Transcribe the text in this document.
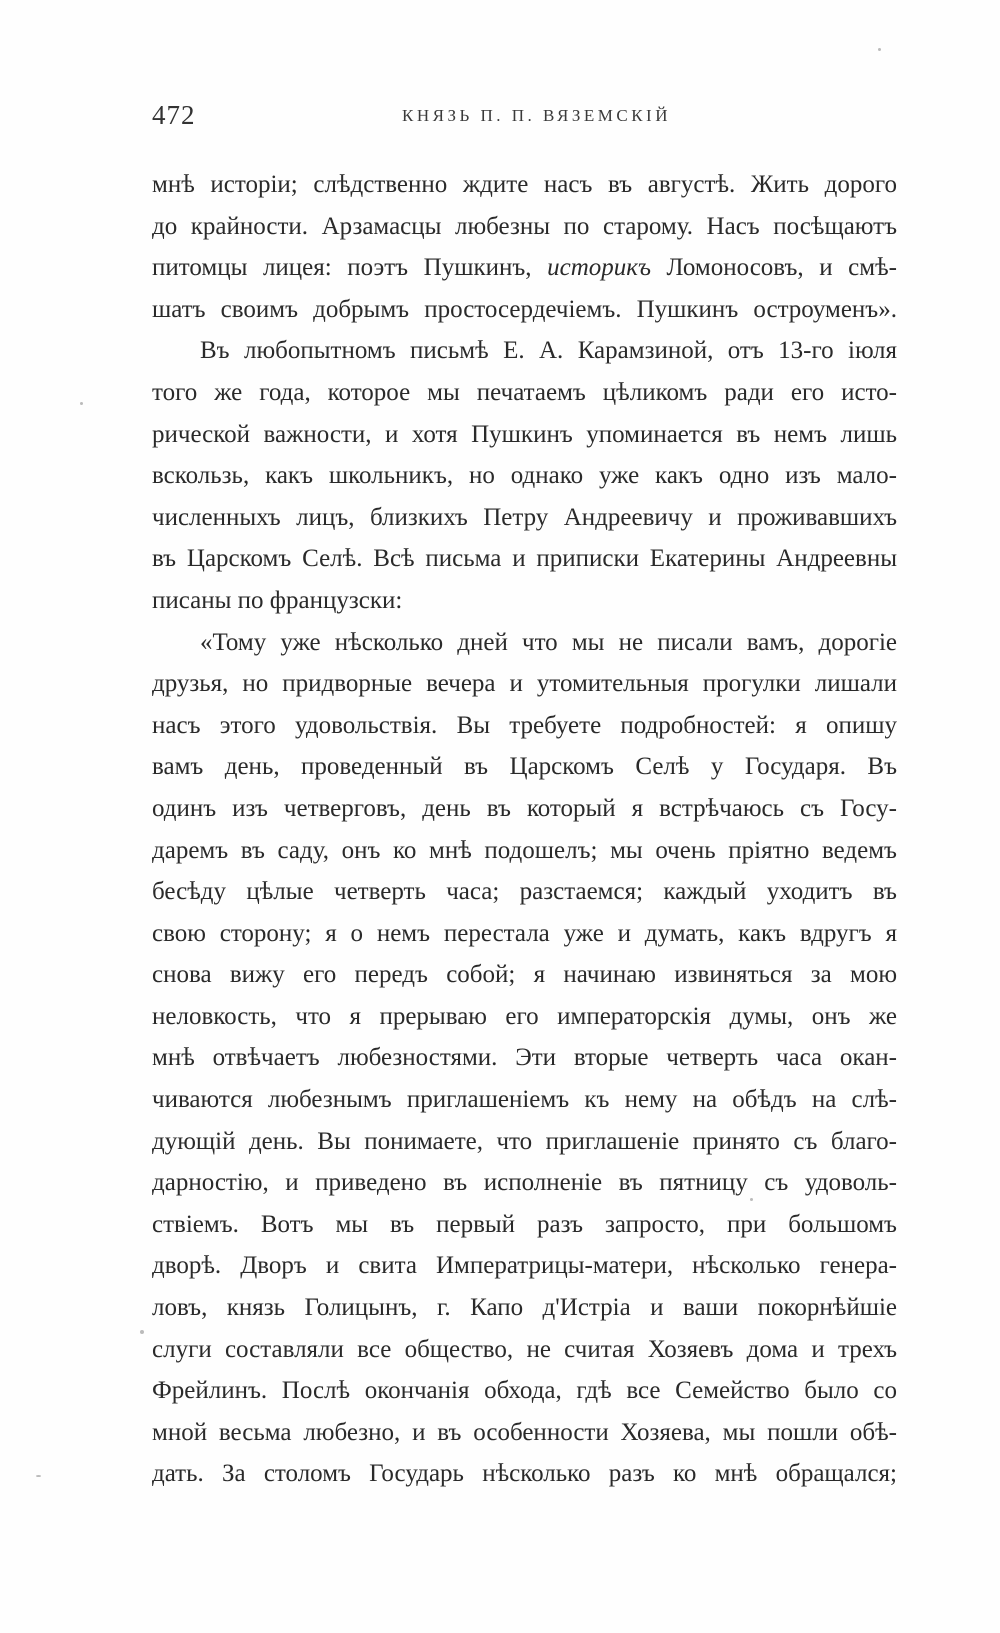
472	КНЯЗЬ П. П. ВЯЗЕМСКІЙ
мнѣ исторіи; слѣдственно ждите насъ въ августѣ. Жить дорого
до крайности. Арзамасцы любезны по старому. Насъ посѣщаютъ
питомцы лицея: поэтъ Пушкинъ, историкъ Ломоносовъ, и смѣ-
шатъ своимъ добрымъ простосердечіемъ. Пушкинъ остроуменъ».
Въ любопытномъ письмѣ Е. А. Карамзиной, отъ 13-го іюля
того же года, которое мы печатаемъ цѣликомъ ради его исто-
рической важности, и хотя Пушкинъ упоминается въ немъ лишь
вскользь, какъ школьникъ, но однако уже какъ одно изъ мало-
численныхъ лицъ, близкихъ Петру Андреевичу и проживавшихъ
въ Царскомъ Селѣ. Всѣ письма и приписки Екатерины Андреевны
писаны по французски:
«Тому уже нѣсколько дней что мы не писали вамъ, дорогіе
друзья, но придворные вечера и утомительныя прогулки лишали
насъ этого удовольствія. Вы требуете подробностей: я опишу
вамъ день, проведенный въ Царскомъ Селѣ у Государя. Въ
одинъ изъ четверговъ, день въ который я встрѣчаюсь съ Госу-
даремъ въ саду, онъ ко мнѣ подошелъ; мы очень пріятно ведемъ
бесѣду цѣлые четверть часа; разстаемся; каждый уходитъ въ
свою сторону; я о немъ перестала уже и думать, какъ вдругъ я
снова вижу его передъ собой; я начинаю извиняться за мою
неловкость, что я прерываю его императорскія думы, онъ же
мнѣ отвѣчаетъ любезностями. Эти вторые четверть часа окан-
чиваются любезнымъ приглашеніемъ къ нему на обѣдъ на слѣ-
дующій день. Вы понимаете, что приглашеніе принято съ благо-
дарностію, и приведено въ исполненіе въ пятницу съ удоволь-
ствіемъ. Вотъ мы въ первый разъ запросто, при большомъ
дворѣ. Дворъ и свита Императрицы-матери, нѣсколько генера-
ловъ, князь Голицынъ, г. Капо д'Истріа и ваши покорнѣйшіе
слуги составляли все общество, не считая Хозяевъ дома и трехъ
Фрейлинъ. Послѣ окончанія обхода, гдѣ все Семейство было со
мной весьма любезно, и въ особенности Хозяева, мы пошли обѣ-
дать. За столомъ Государь нѣсколько разъ ко мнѣ обращался;
